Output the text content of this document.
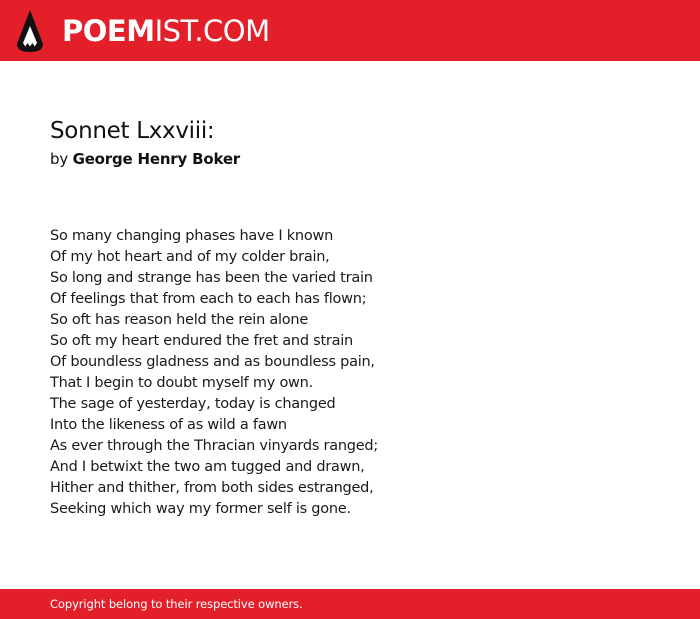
POEMIST.COM
Sonnet Lxxviii:
by George Henry Boker
So many changing phases have I known
Of my hot heart and of my colder brain,
So long and strange has been the varied train
Of feelings that from each to each has flown;
So oft has reason held the rein alone
So oft my heart endured the fret and strain
Of boundless gladness and as boundless pain,
That I begin to doubt myself my own.
The sage of yesterday, today is changed
Into the likeness of as wild a fawn
As ever through the Thracian vinyards ranged;
And I betwixt the two am tugged and drawn,
Hither and thither, from both sides estranged,
Seeking which way my former self is gone.
Copyright belong to their respective owners.
